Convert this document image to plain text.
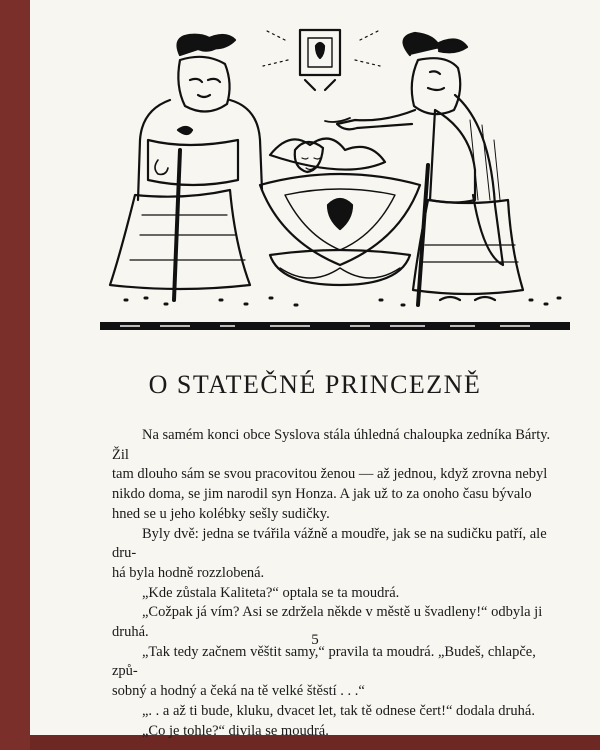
O STATEČNÉ PRINCEZNĚ
Na samém konci obce Syslova stála úhledná chaloupka zedníka Bárty. Žil
tam dlouho sám se svou pracovitou ženou — až jednou, když zrovna nebyl
nikdo doma, se jim narodil syn Honza. A jak už to za onoho času bývalo
hned se u jeho kolébky sešly sudičky.
Byly dvě: jedna se tvářila vážně a moudře, jak se na sudičku patří, ale dru-
há byla hodně rozzlobená.
„Kde zůstala Kaliteta?“ optala se ta moudrá.
„Cožpak já vím? Asi se zdržela někde v městě u švadleny!“ odbyla ji druhá.
„Tak tedy začnem věštit samy,“ pravila ta moudrá. „Budeš, chlapče, způ-
sobný a hodný a čeká na tě velké štěstí . . .“
„. . a až ti bude, kluku, dvacet let, tak tě odnese čert!“ dodala druhá.
„Co je tohle?“ divila se moudrá.
5
